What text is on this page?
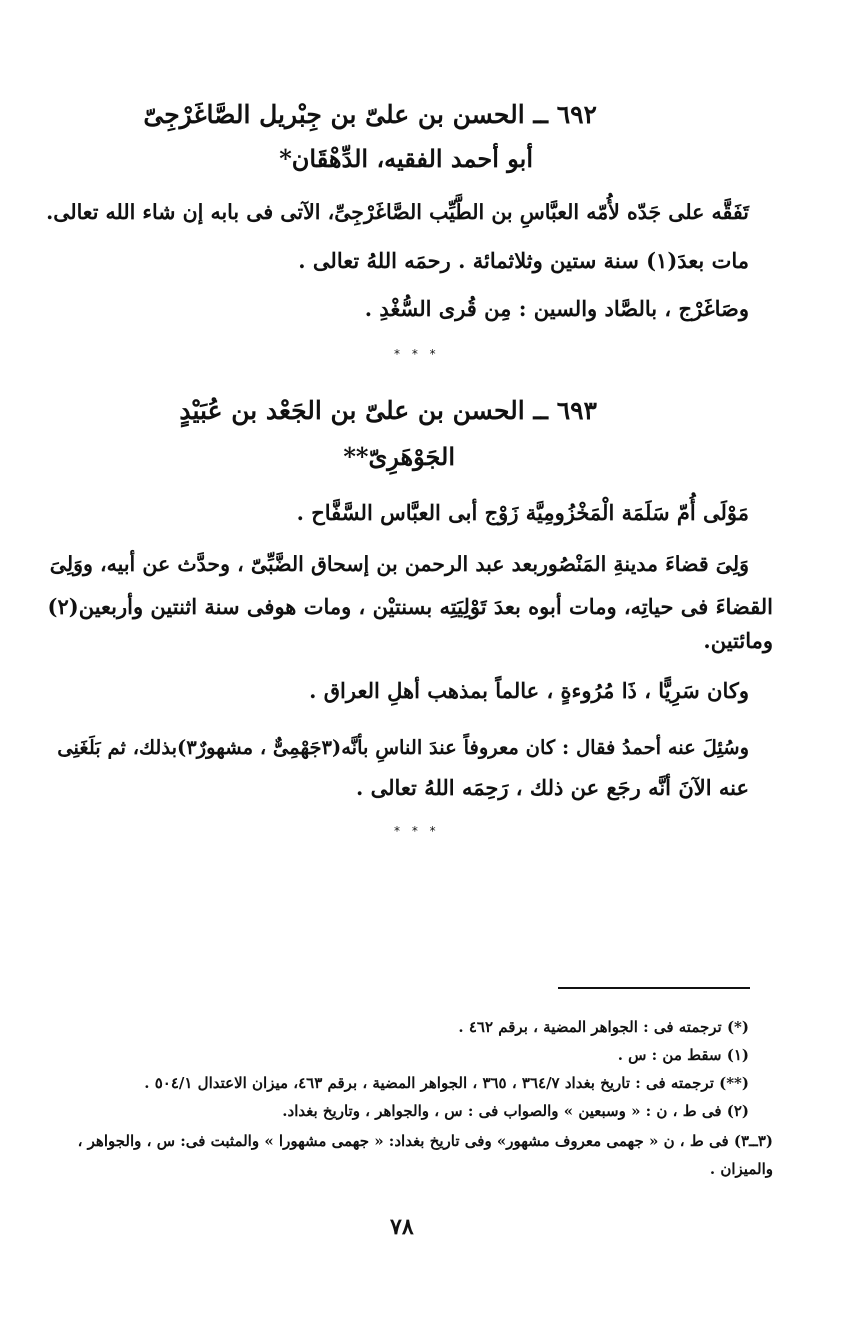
٦٩٢ ــ الحسن بن علىّ بن جِبْريل الصَّاغَرْجِىّ
أبو أحمد الفقيه، الدِّهْقَان*
تَفَقَّه على جَدّه لأُمّه العبَّاسِ بن الطَّيِّب الصَّاغَرْجِىِّ، الآتى فى بابه إن شاء الله تعالى.
مات بعدَ(١) سنة ستين وثلاثمائة . رحمَه اللهُ تعالى .
وصَاغَرْج ، بالصَّاد والسين : مِن قُرى السُّغْدِ .
* * *
٦٩٣ ــ الحسن بن علىّ بن الجَعْد بن عُبَيْدٍ
الجَوْهَرِىّ**
مَوْلَى أُمّ سَلَمَة الْمَخْزُومِيَّة زَوْج أبى العبَّاس السَّفَّاح .
وَلِىَ قضاءَ مدينةِ المَنْصُوربعد عبد الرحمن بن إسحاق الضَّبِّىّ ، وحدَّث عن أبيه، ووَلِىَ
القضاءَ فى حياتِه، ومات أبوه بعدَ تَوْلِيَتِه بسنتيْن ، ومات هوفى سنة اثنتين وأربعين(٢)
ومائتين.
وكان سَرِيًّا ، ذَا مُرُوءةٍ ، عالماً بمذهب أهلِ العراق .
وسُئِلَ عنه أحمدُ فقال : كان معروفاً عندَ الناسِ بأنَّه(٣جَهْمِىٌّ ، مشهورٌ٣)بذلك، ثم بَلَغَنِى
عنه الآنَ أنَّه رجَع عن ذلك ، رَحِمَه اللهُ تعالى .
* * *
(*) ترجمته فى : الجواهر المضية ، برقم ٤٦٢ .
(١) سقط من : س .
(**) ترجمته فى : تاريخ بغداد ٣٦٤/٧ ، ٣٦٥ ، الجواهر المضية ، برقم ٤٦٣، ميزان الاعتدال ٥٠٤/١ .
(٢) فى ط ، ن : « وسبعين » والصواب فى : س ، والجواهر ، وتاريخ بغداد.
(٣ــ٣) فى ط ، ن « جهمى معروف مشهور» وفى تاريخ بغداد: « جهمى مشهورا » والمثبت فى: س ، والجواهر ،
والميزان .
٧٨
